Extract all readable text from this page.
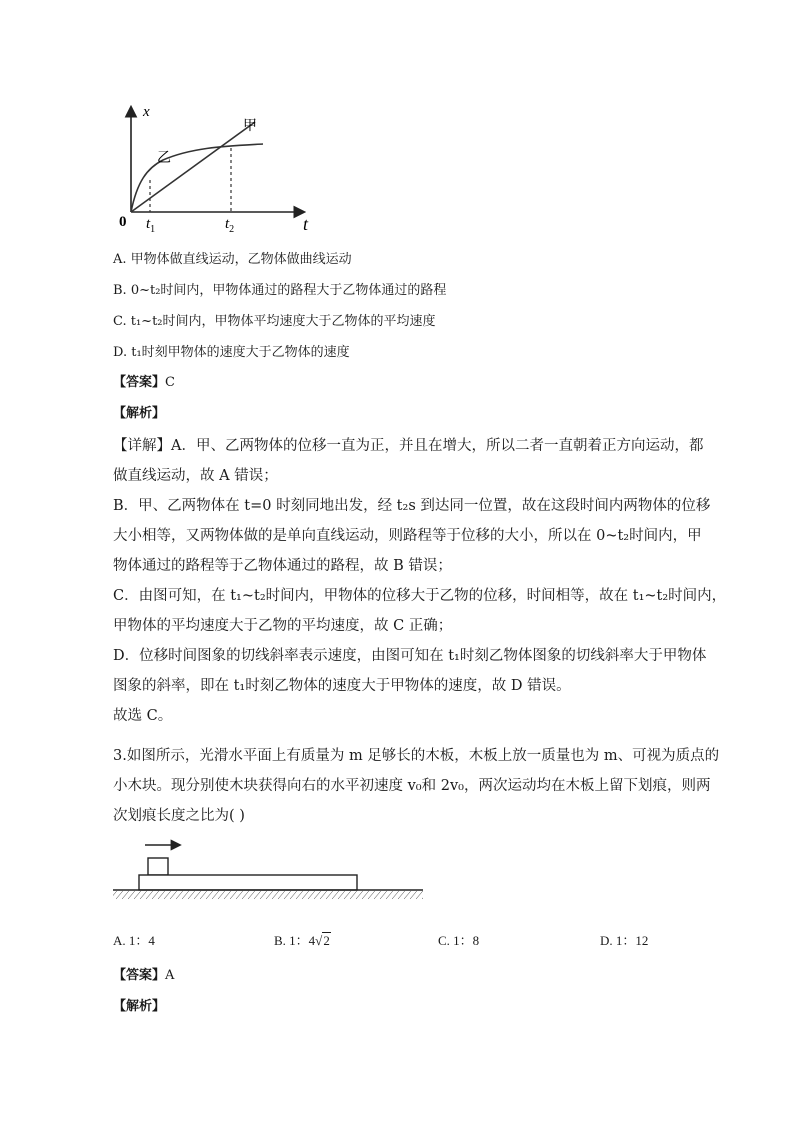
x
t
0 $t_1$	$t_2$
甲
乙
A. 甲物体做直线运动，乙物体做曲线运动
B. 0~t₂时间内，甲物体通过的路程大于乙物体通过的路程
C. t₁~t₂时间内，甲物体平均速度大于乙物体的平均速度
D. t₁时刻甲物体的速度大于乙物体的速度
【答案】C
【解析】
【详解】A．甲、乙两物体的位移一直为正，并且在增大，所以二者一直朝着正方向运动，都
做直线运动，故 A 错误；
B．甲、乙两物体在 t=0 时刻同地出发，经 t₂s 到达同一位置，故在这段时间内两物体的位移
大小相等，又两物体做的是单向直线运动，则路程等于位移的大小，所以在 0~t₂时间内，甲
物体通过的路程等于乙物体通过的路程，故 B 错误；
C．由图可知，在 t₁~t₂时间内，甲物体的位移大于乙物的位移，时间相等，故在 t₁~t₂时间内，
甲物体的平均速度大于乙物的平均速度，故 C 正确；
D．位移时间图象的切线斜率表示速度，由图可知在 t₁时刻乙物体图象的切线斜率大于甲物体
图象的斜率，即在 t₁时刻乙物体的速度大于甲物体的速度，故 D 错误。
故选 C。
3.如图所示，光滑水平面上有质量为 m 足够长的木板，木板上放一质量也为 m、可视为质点的
小木块。现分别使木块获得向右的水平初速度 v₀和 2v₀，两次运动均在木板上留下划痕，则两
次划痕长度之比为( )
A. 1：4	B. 1：4√2	C. 1：8	D. 1：12
【答案】A
【解析】
